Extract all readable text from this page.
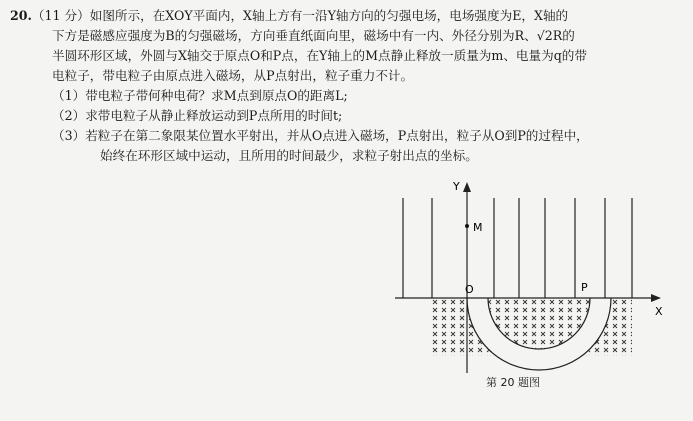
20.（11 分）如图所示，在XOY平面内，X轴上方有一沿Y轴方向的匀强电场，电场强度为E，X轴的
下方是磁感应强度为B的匀强磁场，方向垂直纸面向里，磁场中有一内、外径分别为R、√2R的
半圆环形区域，外圆与X轴交于原点O和P点，在Y轴上的M点静止释放一质量为m、电量为q的带
电粒子，带电粒子由原点进入磁场，从P点射出，粒子重力不计。
（1）带电粒子带何种电荷？求M点到原点O的距离L;
（2）求带电粒子从静止释放运动到P点所用的时间t;
（3）若粒子在第二象限某位置水平射出，并从O点进入磁场，P点射出，粒子从O到P的过程中，
始终在环形区域中运动，且所用的时间最少，求粒子射出点的坐标。
Y
X
M
O	P
第 20 题图
